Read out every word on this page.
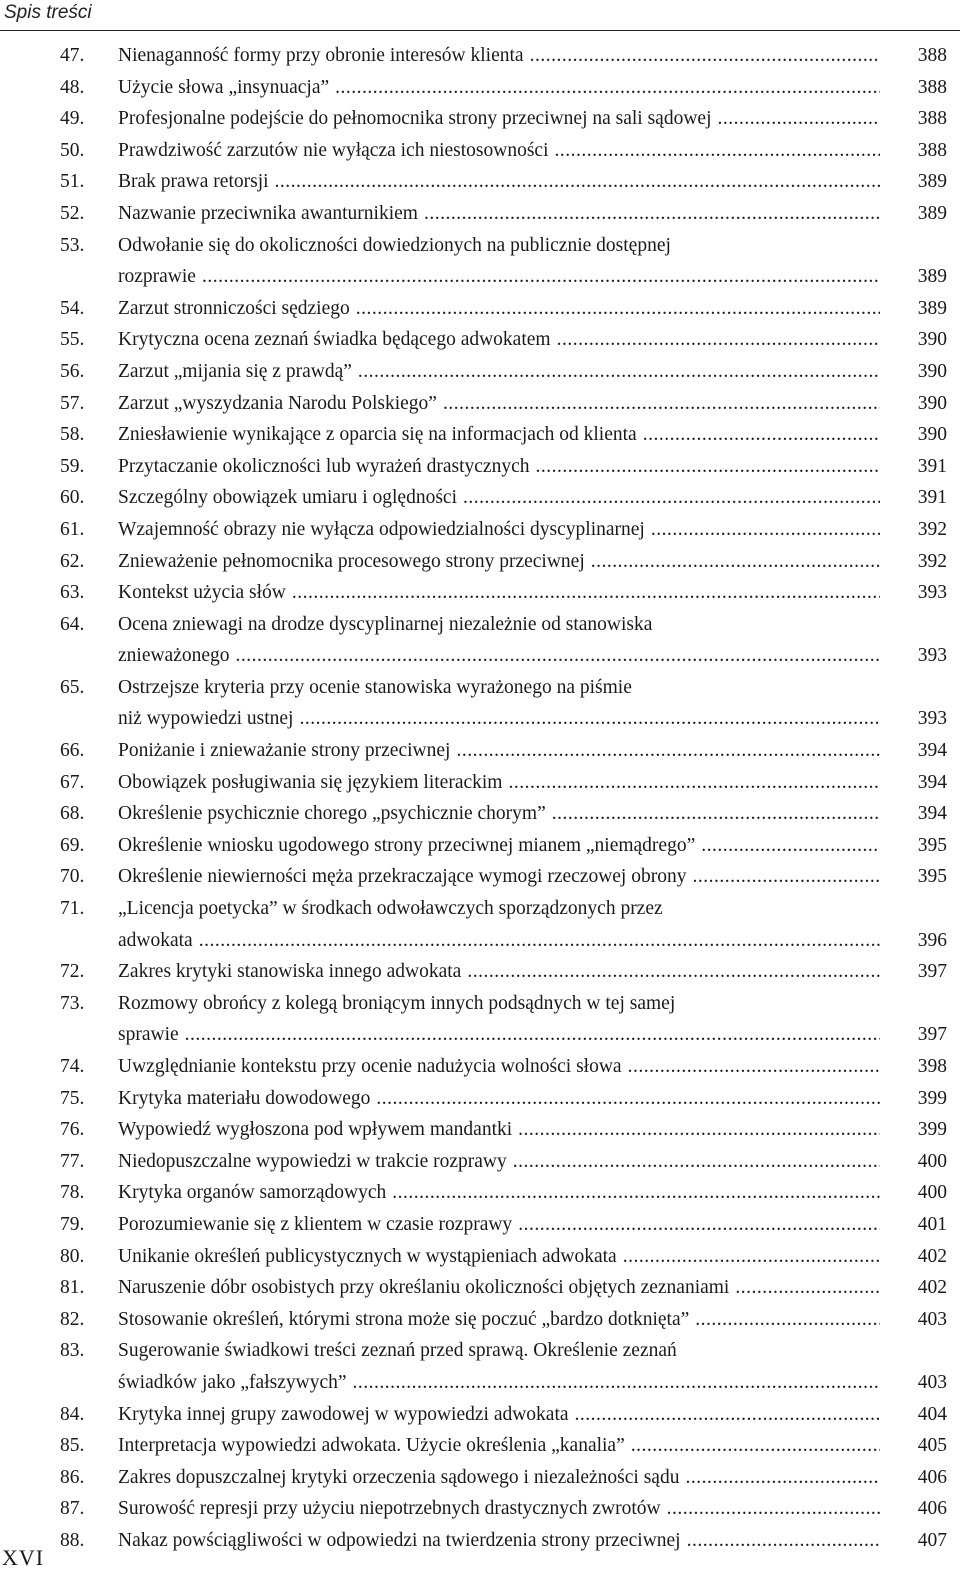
Spis treści
47.	Nienaganność formy przy obronie interesów klienta .....	388
48.	Użycie słowa „insynuacja” .....	388
49.	Profesjonalne podejście do pełnomocnika strony przeciwnej na sali sądowej .....	388
50.	Prawdziwość zarzutów nie wyłącza ich niestosowności .....	388
51.	Brak prawa retorsji .....	389
52.	Nazwanie przeciwnika awanturnikiem .....	389
53.	Odwołanie się do okoliczności dowiedzionych na publicznie dostępnej
rozprawie .....	389
54.	Zarzut stronniczości sędziego .....	389
55.	Krytyczna ocena zeznań świadka będącego adwokatem .....	390
56.	Zarzut „mijania się z prawdą” .....	390
57.	Zarzut „wyszydzania Narodu Polskiego” .....	390
58.	Zniesławienie wynikające z oparcia się na informacjach od klienta .....	390
59.	Przytaczanie okoliczności lub wyrażeń drastycznych .....	391
60.	Szczególny obowiązek umiaru i oględności .....	391
61.	Wzajemność obrazy nie wyłącza odpowiedzialności dyscyplinarnej .....	392
62.	Znieważenie pełnomocnika procesowego strony przeciwnej .....	392
63.	Kontekst użycia słów .....	393
64.	Ocena zniewagi na drodze dyscyplinarnej niezależnie od stanowiska
znieważonego .....	393
65.	Ostrzejsze kryteria przy ocenie stanowiska wyrażonego na piśmie
niż wypowiedzi ustnej .....	393
66.	Poniżanie i znieważanie strony przeciwnej .....	394
67.	Obowiązek posługiwania się językiem literackim .....	394
68.	Określenie psychicznie chorego „psychicznie chorym” .....	394
69.	Określenie wniosku ugodowego strony przeciwnej mianem „niemądrego” .....	395
70.	Określenie niewierności męża przekraczające wymogi rzeczowej obrony .....	395
71.	„Licencja poetycka” w środkach odwoławczych sporządzonych przez
adwokata .....	396
72.	Zakres krytyki stanowiska innego adwokata .....	397
73.	Rozmowy obrońcy z kolegą broniącym innych podsądnych w tej samej
sprawie .....	397
74.	Uwzględnianie kontekstu przy ocenie nadużycia wolności słowa .....	398
75.	Krytyka materiału dowodowego .....	399
76.	Wypowiedź wygłoszona pod wpływem mandantki .....	399
77.	Niedopuszczalne wypowiedzi w trakcie rozprawy .....	400
78.	Krytyka organów samorządowych .....	400
79.	Porozumiewanie się z klientem w czasie rozprawy .....	401
80.	Unikanie określeń publicystycznych w wystąpieniach adwokata .....	402
81.	Naruszenie dóbr osobistych przy określaniu okoliczności objętych zeznaniami .....	402
82.	Stosowanie określeń, którymi strona może się poczuć „bardzo dotknięta” .....	403
83.	Sugerowanie świadkowi treści zeznań przed sprawą. Określenie zeznań
świadków jako „fałszywych” .....	403
84.	Krytyka innej grupy zawodowej w wypowiedzi adwokata .....	404
85.	Interpretacja wypowiedzi adwokata. Użycie określenia „kanalia” .....	405
86.	Zakres dopuszczalnej krytyki orzeczenia sądowego i niezależności sądu .....	406
87.	Surowość represji przy użyciu niepotrzebnych drastycznych zwrotów .....	406
88.	Nakaz powściągliwości w odpowiedzi na twierdzenia strony przeciwnej .....	407
XVI
